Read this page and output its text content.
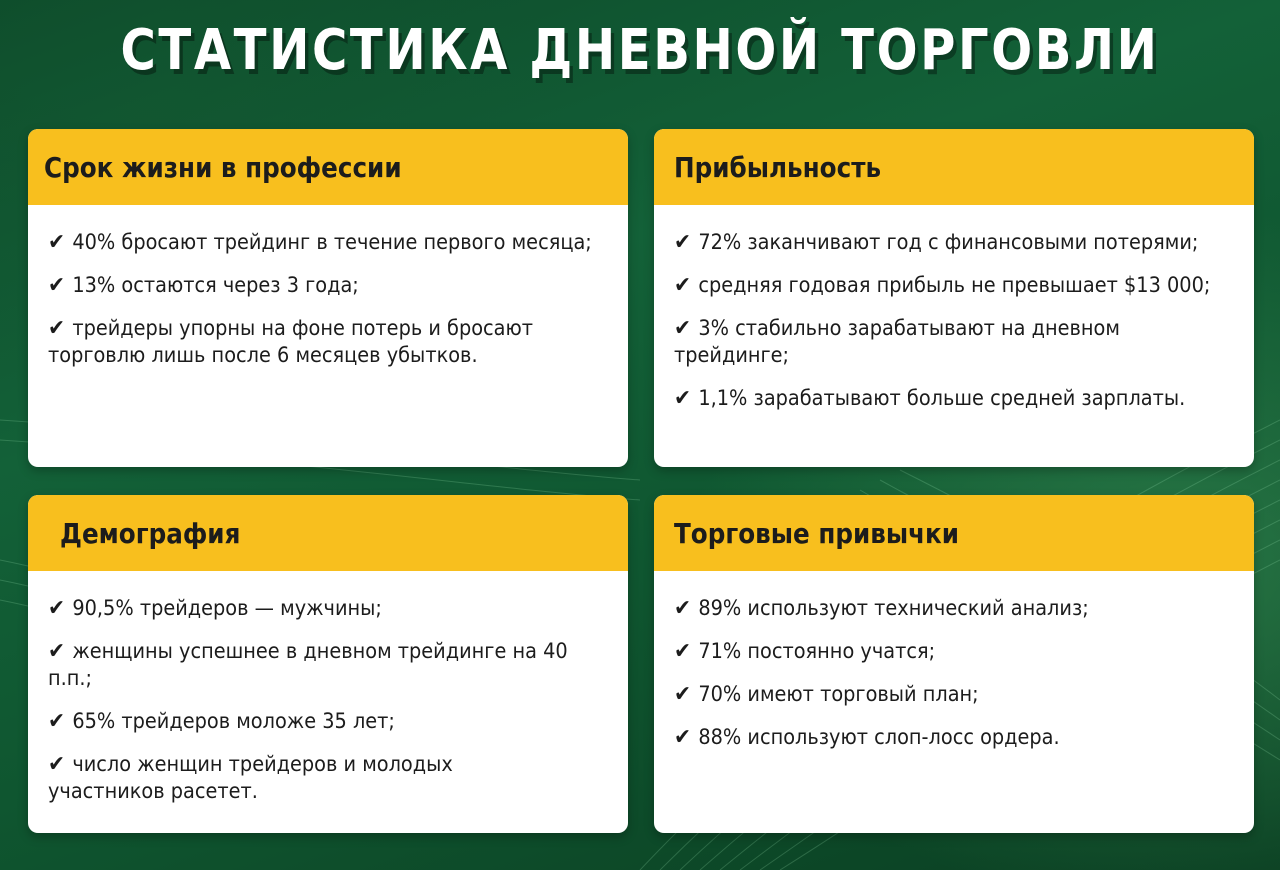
СТАТИСТИКА ДНЕВНОЙ ТОРГОВЛИ
Срок жизни в профессии
✔ 40% бросают трейдинг в течение первого месяца;
✔ 13% остаются через 3 года;
✔ трейдеры упорны на фоне потерь и бросают торговлю лишь после 6 месяцев убытков.
Прибыльность
✔ 72% заканчивают год с финансовыми потерями;
✔ средняя годовая прибыль не превышает $13 000;
✔ 3% стабильно зарабатывают на дневном трейдинге;
✔ 1,1% зарабатывают больше средней зарплаты.
Демография
✔ 90,5% трейдеров — мужчины;
✔ женщины успешнее в дневном трейдинге на 40 п.п.;
✔ 65% трейдеров моложе 35 лет;
✔ число женщин трейдеров и молодых участников расетет.
Торговые привычки
✔ 89% используют технический анализ;
✔ 71% постоянно учатся;
✔ 70% имеют торговый план;
✔ 88% используют слоп-лосс ордера.
